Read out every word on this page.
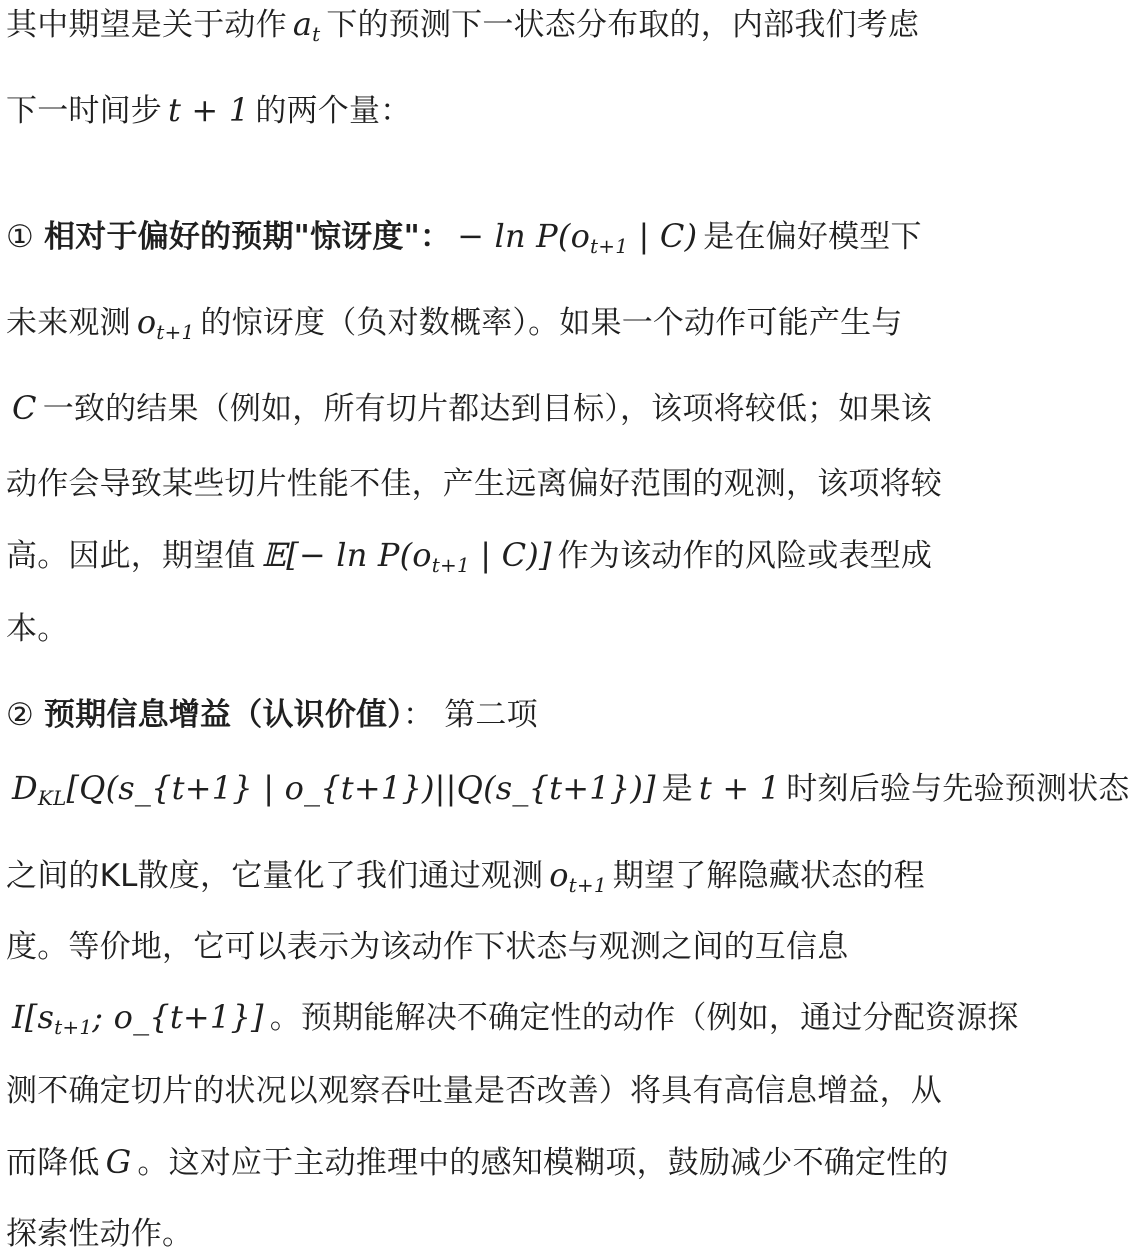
其中期望是关于动作 $a_t$ 下的预测下一状态分布取的，内部我们考虑
下一时间步 t + 1 的两个量：
① 相对于偏好的预期"惊讶度"： − $\ln P(o_{t+1}$ | C) 是在偏好模型下
未来观测 $o_{t+1}$ 的惊讶度（负对数概率）。如果一个动作可能产生与
C 一致的结果（例如，所有切片都达到目标），该项将较低；如果该
动作会导致某些切片性能不佳，产生远离偏好范围的观测，该项将较
高。因此，期望值 𝔼[− $\ln P(o_{t+1}$ | C)] 作为该动作的风险或表型成
本。
② 预期信息增益（认识价值）： 第二项
$D_{KL}[Q(s\_\{t+1\}$ | o_{t+1})||Q(s_{t+1})] 是 t + 1 时刻后验与先验预测状态
之间的KL散度，它量化了我们通过观测 $o_{t+1}$ 期望了解隐藏状态的程
度。等价地，它可以表示为该动作下状态与观测之间的互信息
$I[s_{t+1}$; o_{t+1}] 。预期能解决不确定性的动作（例如，通过分配资源探
测不确定切片的状况以观察吞吐量是否改善）将具有高信息增益，从
而降低 G 。这对应于主动推理中的感知模糊项，鼓励减少不确定性的
探索性动作。
